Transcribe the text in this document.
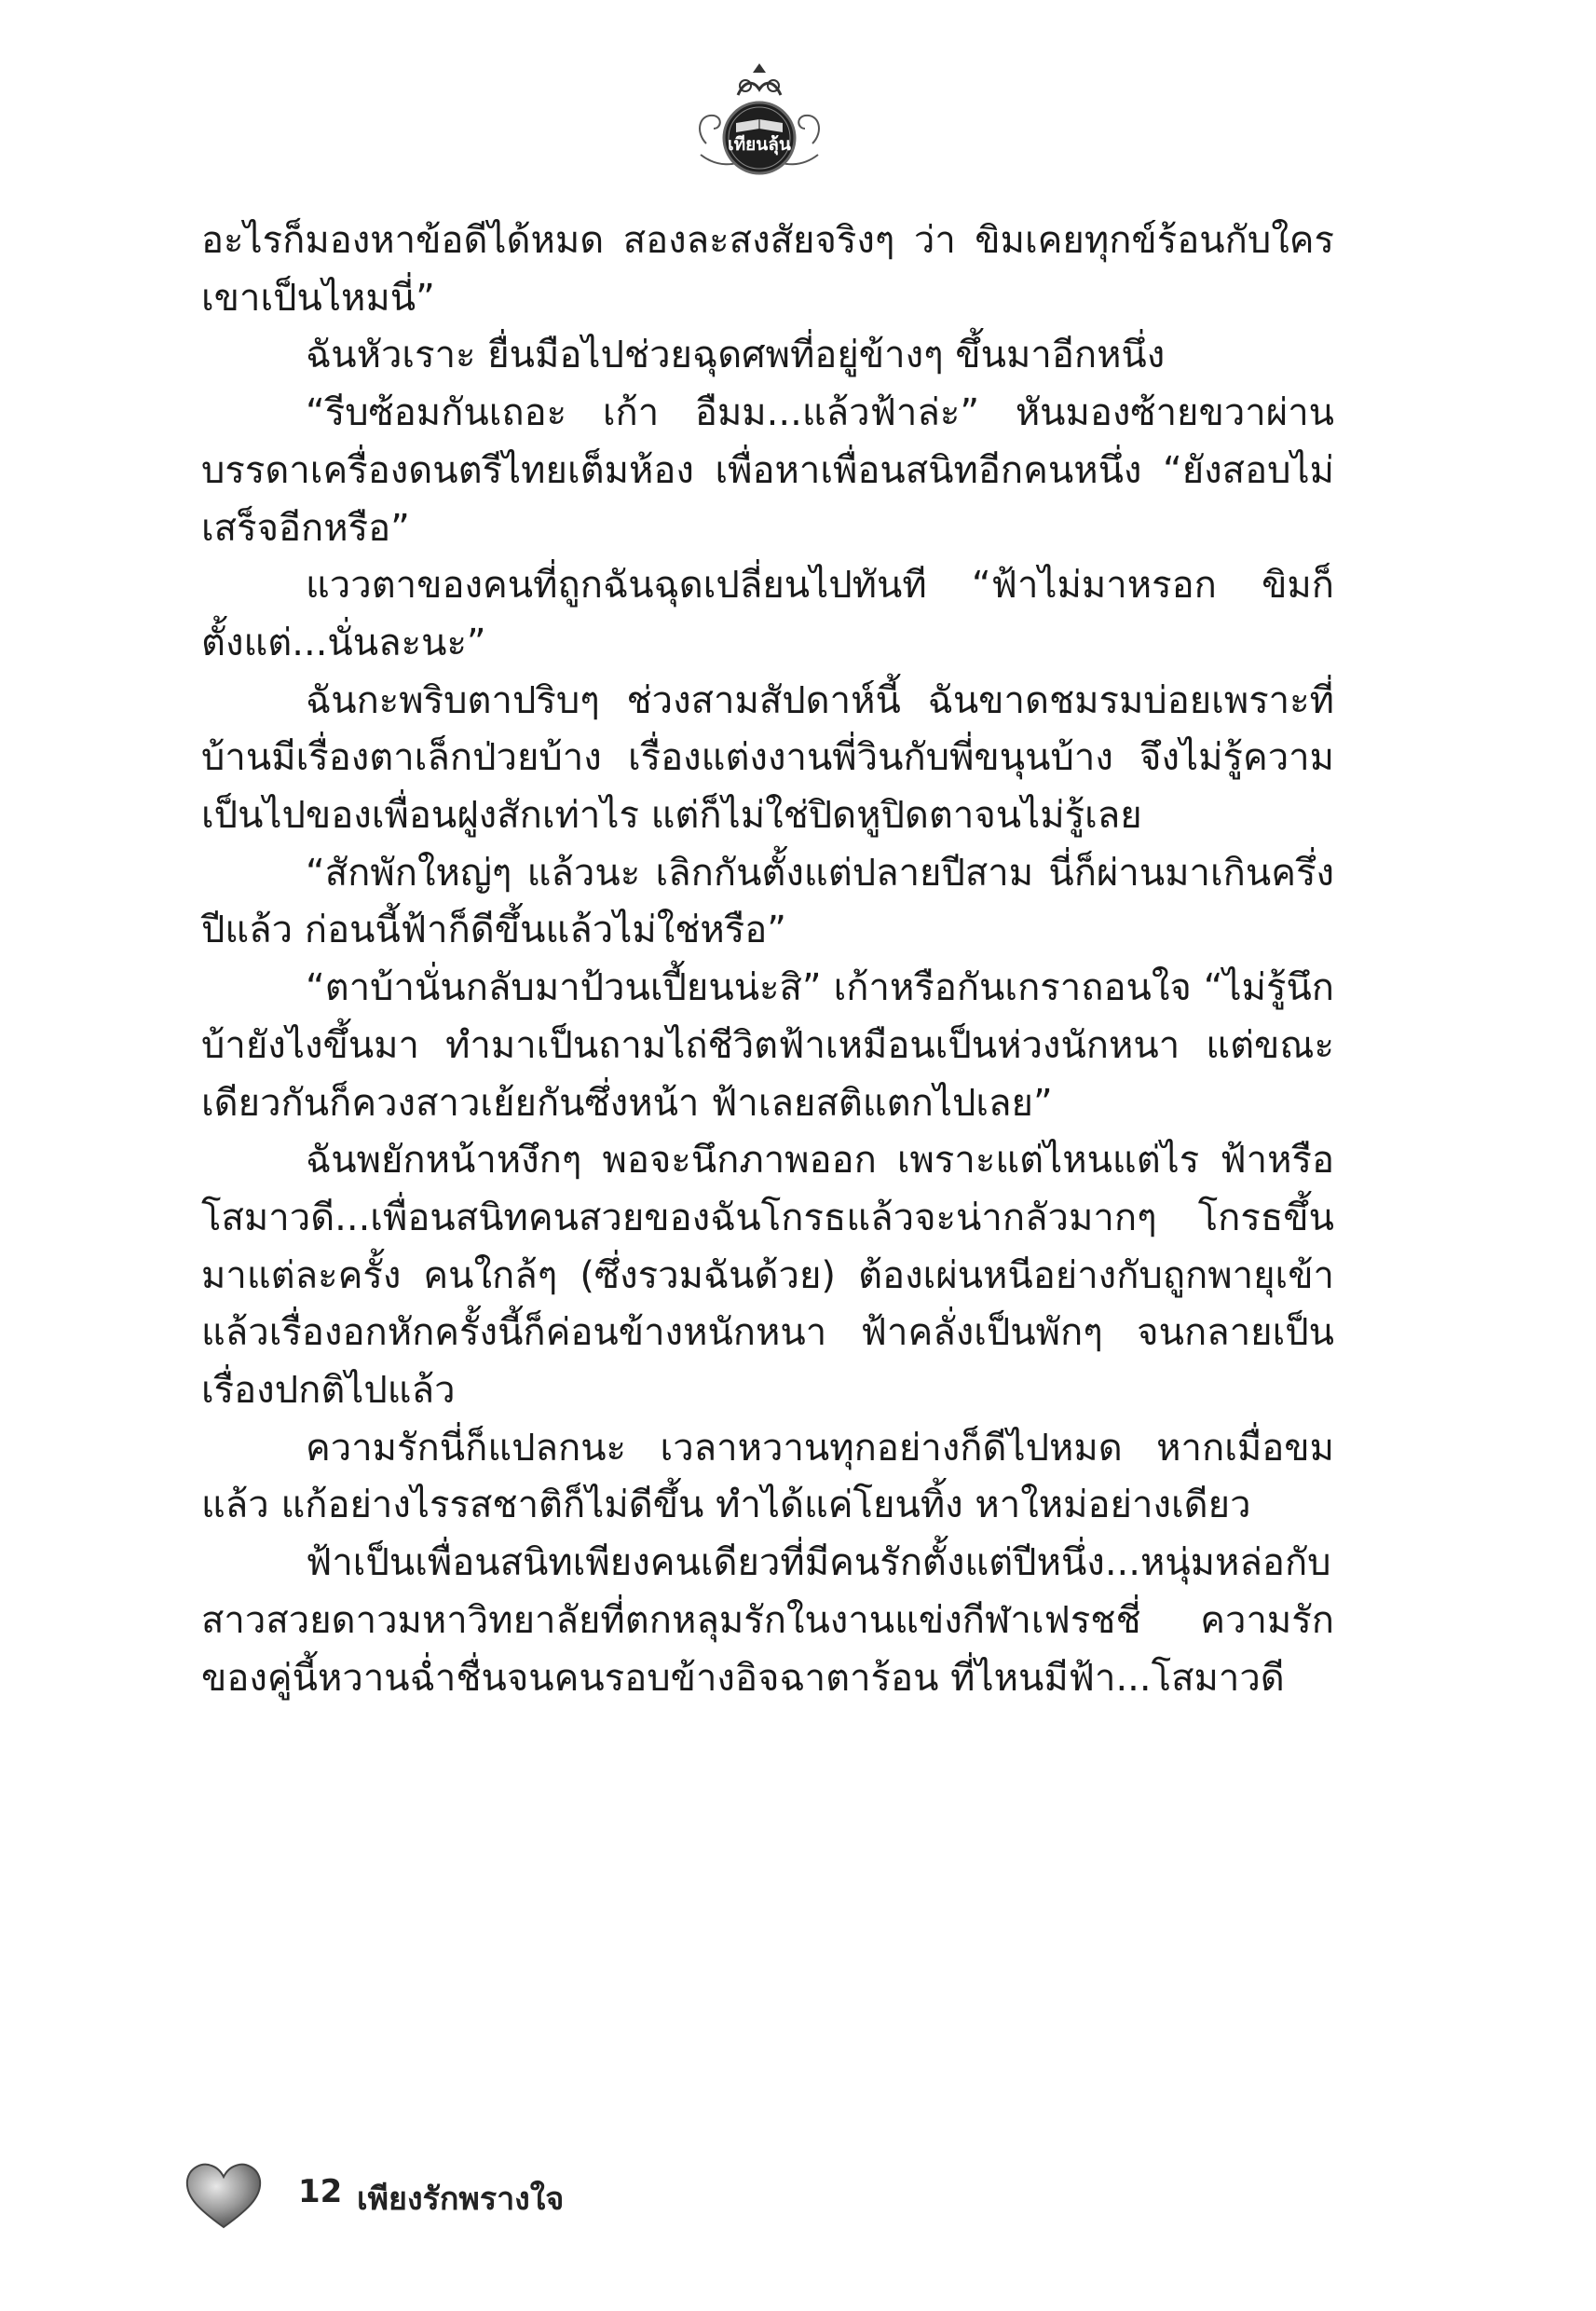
เทียนลุ้น

อะไรก็มองหาข้อดีได้หมด สองละสงสัยจริงๆ ว่า ขิมเคยทุกข์ร้อนกับใครเขาเป็นไหมนี่”

ฉันหัวเราะ ยื่นมือไปช่วยฉุดศพที่อยู่ข้างๆ ขึ้นมาอีกหนึ่ง

“รีบซ้อมกันเถอะ เก้า อืมม...แล้วฟ้าล่ะ” หันมองซ้ายขวาผ่านบรรดาเครื่องดนตรีไทยเต็มห้อง เพื่อหาเพื่อนสนิทอีกคนหนึ่ง “ยังสอบไม่เสร็จอีกหรือ”

แววตาของคนที่ถูกฉันฉุดเปลี่ยนไปทันที “ฟ้าไม่มาหรอก ขิมก็ตั้งแต่...นั่นละนะ”

ฉันกะพริบตาปริบๆ ช่วงสามสัปดาห์นี้ ฉันขาดชมรมบ่อยเพราะที่บ้านมีเรื่องตาเล็กป่วยบ้าง เรื่องแต่งงานพี่วินกับพี่ขนุนบ้าง จึงไม่รู้ความเป็นไปของเพื่อนฝูงสักเท่าไร แต่ก็ไม่ใช่ปิดหูปิดตาจนไม่รู้เลย

“สักพักใหญ่ๆ แล้วนะ เลิกกันตั้งแต่ปลายปีสาม นี่ก็ผ่านมาเกินครึ่งปีแล้ว ก่อนนี้ฟ้าก็ดีขึ้นแล้วไม่ใช่หรือ”

“ตาบ้านั่นกลับมาป้วนเปี้ยนน่ะสิ” เก้าหรือกันเกราถอนใจ “ไม่รู้นึกบ้ายังไงขึ้นมา ทำมาเป็นถามไถ่ชีวิตฟ้าเหมือนเป็นห่วงนักหนา แต่ขณะเดียวกันก็ควงสาวเย้ยกันซึ่งหน้า ฟ้าเลยสติแตกไปเลย”

ฉันพยักหน้าหงึกๆ พอจะนึกภาพออก เพราะแต่ไหนแต่ไร ฟ้าหรือโสมาวดี...เพื่อนสนิทคนสวยของฉันโกรธแล้วจะน่ากลัวมากๆ โกรธขึ้นมาแต่ละครั้ง คนใกล้ๆ (ซึ่งรวมฉันด้วย) ต้องเผ่นหนีอย่างกับถูกพายุเข้า แล้วเรื่องอกหักครั้งนี้ก็ค่อนข้างหนักหนา ฟ้าคลั่งเป็นพักๆ จนกลายเป็นเรื่องปกติไปแล้ว

ความรักนี่ก็แปลกนะ เวลาหวานทุกอย่างก็ดีไปหมด หากเมื่อขมแล้ว แก้อย่างไรรสชาติก็ไม่ดีขึ้น ทำได้แค่โยนทิ้ง หาใหม่อย่างเดียว

ฟ้าเป็นเพื่อนสนิทเพียงคนเดียวที่มีคนรักตั้งแต่ปีหนึ่ง...หนุ่มหล่อกับสาวสวยดาวมหาวิทยาลัยที่ตกหลุมรักในงานแข่งกีฬาเฟรชชี่ ความรักของคู่นี้หวานฉ่ำชื่นจนคนรอบข้างอิจฉาตาร้อน ที่ไหนมีฟ้า...โสมาวดี

12 เพียงรักพรางใจ
